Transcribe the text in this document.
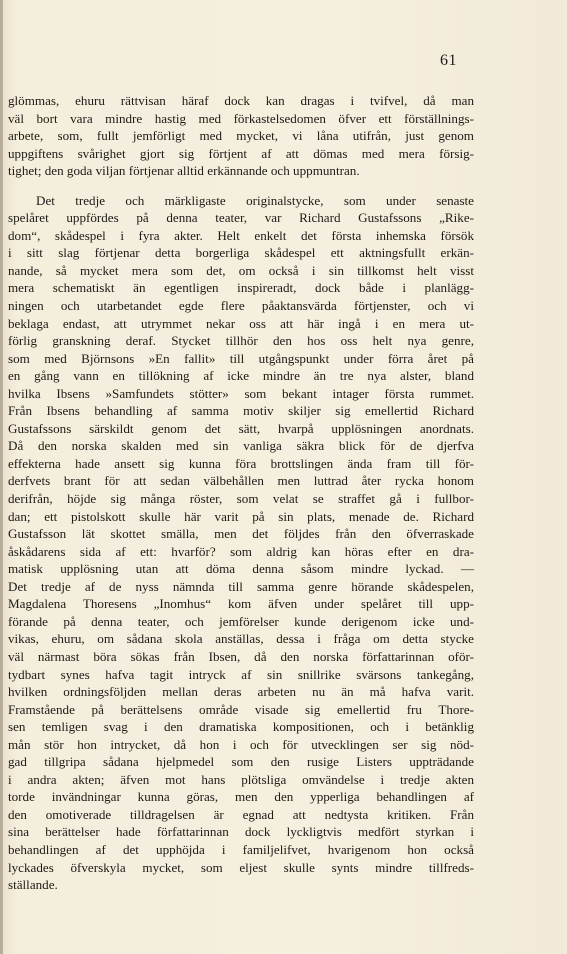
61
glömmas, ehuru rättvisan häraf dock kan dragas i tvifvel, då man
väl bort vara mindre hastig med förkastelsedomen öfver ett förställnings-
arbete, som, fullt jemförligt med mycket, vi låna utifrån, just genom
uppgiftens svårighet gjort sig förtjent af att dömas med mera försig-
tighet; den goda viljan förtjenar alltid erkännande och uppmuntran.
Det tredje och märkligaste originalstycke, som under senaste
spelåret uppfördes på denna teater, var Richard Gustafssons „Rike-
dom“, skådespel i fyra akter. Helt enkelt det första inhemska försök
i sitt slag förtjenar detta borgerliga skådespel ett aktningsfullt erkän-
nande, så mycket mera som det, om också i sin tillkomst helt visst
mera schematiskt än egentligen inspireradt, dock både i planlägg-
ningen och utarbetandet egde flere påaktansvärda förtjenster, och vi
beklaga endast, att utrymmet nekar oss att här ingå i en mera ut-
förlig granskning deraf. Stycket tillhör den hos oss helt nya genre,
som med Björnsons »En fallit» till utgångspunkt under förra året på
en gång vann en tillökning af icke mindre än tre nya alster, bland
hvilka Ibsens »Samfundets stötter» som bekant intager första rummet.
Från Ibsens behandling af samma motiv skiljer sig emellertid Richard
Gustafssons särskildt genom det sätt, hvarpå upplösningen anordnats.
Då den norska skalden med sin vanliga säkra blick för de djerfva
effekterna hade ansett sig kunna föra brottslingen ända fram till för-
derfvets brant för att sedan välbehållen men luttrad åter rycka honom
derifrån, höjde sig många röster, som velat se straffet gå i fullbor-
dan; ett pistolskott skulle här varit på sin plats, menade de. Richard
Gustafsson lät skottet smälla, men det följdes från den öfverraskade
åskådarens sida af ett: hvarför? som aldrig kan höras efter en dra-
matisk upplösning utan att döma denna såsom mindre lyckad. —
Det tredje af de nyss nämnda till samma genre hörande skådespelen,
Magdalena Thoresens „Inomhus“ kom äfven under spelåret till upp-
förande på denna teater, och jemförelser kunde derigenom icke und-
vikas, ehuru, om sådana skola anställas, dessa i fråga om detta stycke
väl närmast böra sökas från Ibsen, då den norska författarinnan oför-
tydbart synes hafva tagit intryck af sin snillrike svärsons tankegång,
hvilken ordningsföljden mellan deras arbeten nu än må hafva varit.
Framstående på berättelsens område visade sig emellertid fru Thore-
sen temligen svag i den dramatiska kompositionen, och i betänklig
mån stör hon intrycket, då hon i och för utvecklingen ser sig nöd-
gad tillgripa sådana hjelpmedel som den rusige Listers uppträdande
i andra akten; äfven mot hans plötsliga omvändelse i tredje akten
torde invändningar kunna göras, men den ypperliga behandlingen af
den omotiverade tilldragelsen är egnad att nedtysta kritiken. Från
sina berättelser hade författarinnan dock lyckligtvis medfört styrkan i
behandlingen af det upphöjda i familjelifvet, hvarigenom hon också
lyckades öfverskyla mycket, som eljest skulle synts mindre tillfreds-
ställande.
